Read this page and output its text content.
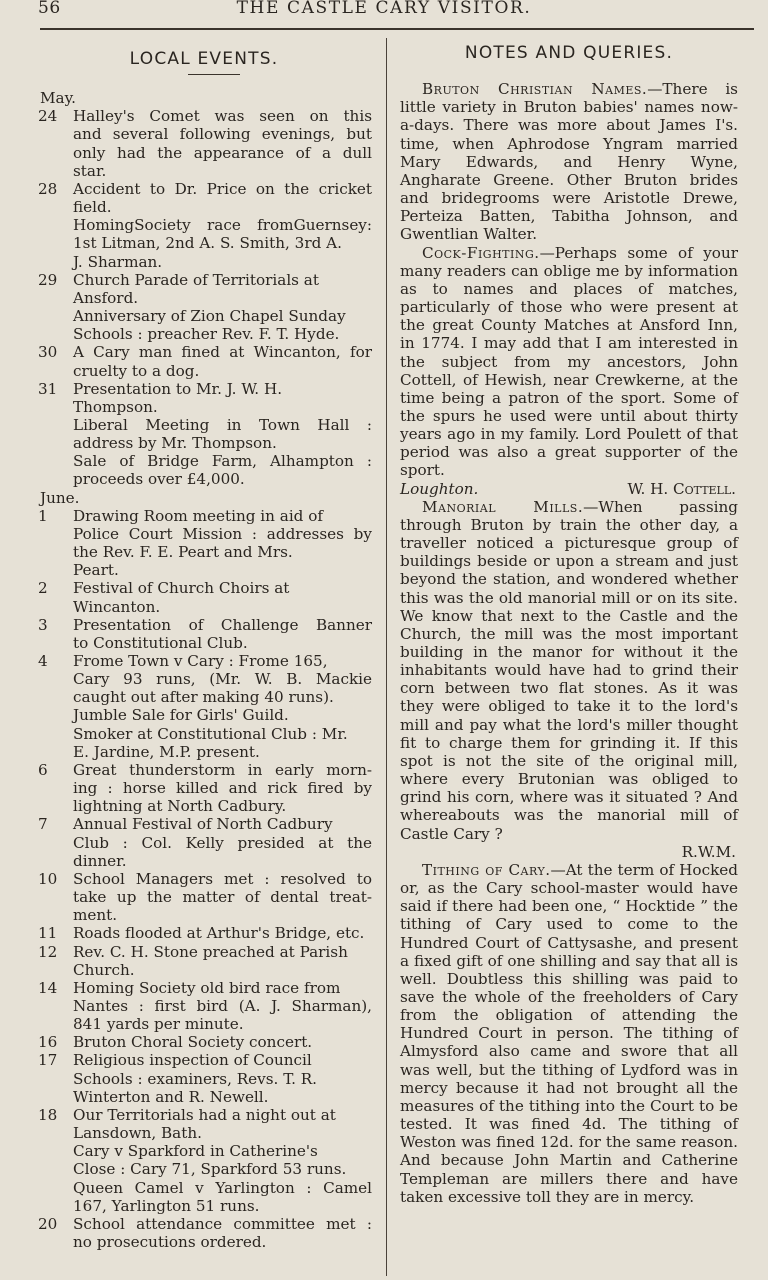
56	THE CASTLE CARY VISITOR.
LOCAL EVENTS.
May.
24	Halley's Comet was seen on this
and several following evenings, but
only had the appearance of a dull
star.
28	Accident to Dr. Price on the cricket
field.
HomingSociety race fromGuernsey:
1st Litman, 2nd A. S. Smith, 3rd A.
J. Sharman.
29	Church Parade of Territorials at
Ansford.
Anniversary of Zion Chapel Sunday
Schools : preacher Rev. F. T. Hyde.
30	A Cary man fined at Wincanton, for
cruelty to a dog.
31	Presentation to Mr. J. W. H.
Thompson.
Liberal Meeting in Town Hall :
address by Mr. Thompson.
Sale of Bridge Farm, Alhampton :
proceeds over £4,000.
June.
1	Drawing Room meeting in aid of
Police Court Mission : addresses by
the Rev. F. E. Peart and Mrs.
Peart.
2	Festival of Church Choirs at
Wincanton.
3	Presentation of Challenge Banner
to Constitutional Club.
4	Frome Town v Cary : Frome 165,
Cary 93 runs, (Mr. W. B. Mackie
caught out after making 40 runs).
Jumble Sale for Girls' Guild.
Smoker at Constitutional Club : Mr.
E. Jardine, M.P. present.
6	Great thunderstorm in early morn-
ing : horse killed and rick fired by
lightning at North Cadbury.
7	Annual Festival of North Cadbury
Club : Col. Kelly presided at the
dinner.
10	School Managers met : resolved to
take up the matter of dental treat-
ment.
11	Roads flooded at Arthur's Bridge, etc.
12	Rev. C. H. Stone preached at Parish
Church.
14	Homing Society old bird race from
Nantes : first bird (A. J. Sharman),
841 yards per minute.
16	Bruton Choral Society concert.
17	Religious inspection of Council
Schools : examiners, Revs. T. R.
Winterton and R. Newell.
18	Our Territorials had a night out at
Lansdown, Bath.
Cary v Sparkford in Catherine's
Close : Cary 71, Sparkford 53 runs.
Queen Camel v Yarlington : Camel
167, Yarlington 51 runs.
20	School attendance committee met :
no prosecutions ordered.
NOTES AND QUERIES.

Bruton Christian Names.—There is little variety in Bruton babies' names now-a-days. There was more about James I's. time, when Aphrodose Yngram married Mary Edwards, and Henry Wyne, Angharate Greene. Other Bruton brides and bridegrooms were Aristotle Drewe, Perteiza Batten, Tabitha Johnson, and Gwentlian Walter.

Cock-Fighting.—Perhaps some of your many readers can oblige me by information as to names and places of matches, particularly of those who were present at the great County Matches at Ansford Inn, in 1774. I may add that I am interested in the subject from my ancestors, John Cottell, of Hewish, near Crewkerne, at the time being a patron of the sport. Some of the spurs he used were until about thirty years ago in my family. Lord Poulett of that period was also a great supporter of the sport.

Loughton.	W. H. Cottell.

Manorial Mills.—When passing through Bruton by train the other day, a traveller noticed a picturesque group of buildings beside or upon a stream and just beyond the station, and wondered whether this was the old manorial mill or on its site. We know that next to the Castle and the Church, the mill was the most important building in the manor for without it the inhabitants would have had to grind their corn between two flat stones. As it was they were obliged to take it to the lord's mill and pay what the lord's miller thought fit to charge them for grinding it. If this spot is not the site of the original mill, where every Brutonian was obliged to grind his corn, where was it situated ? And whereabouts was the manorial mill of Castle Cary ?

R.W.M.

Tithing of Cary.—At the term of Hocked or, as the Cary school-master would have said if there had been one, “ Hocktide ” the tithing of Cary used to come to the Hundred Court of Cattysashe, and present a fixed gift of one shilling and say that all is well. Doubtless this shilling was paid to save the whole of the freeholders of Cary from the obligation of attending the Hundred Court in person. The tithing of Almysford also came and swore that all was well, but the tithing of Lydford was in mercy because it had not brought all the measures of the tithing into the Court to be tested. It was fined 4d. The tithing of Weston was fined 12d. for the same reason. And because John Martin and Catherine Templeman are millers there and have taken excessive toll they are in mercy.
